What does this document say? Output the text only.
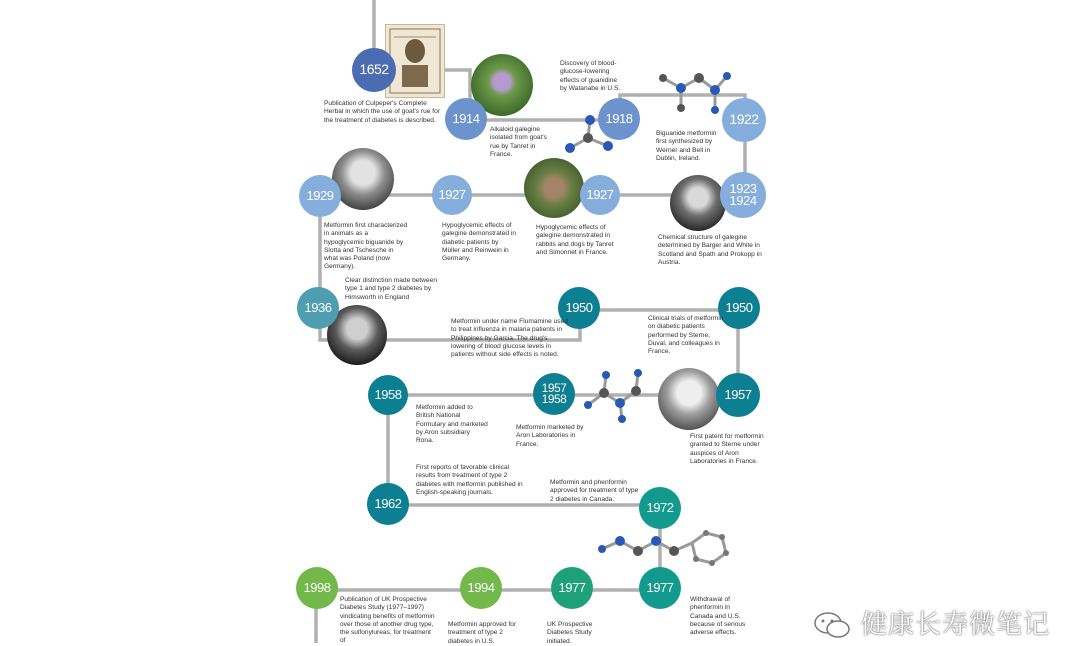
1652
1914	1918	1922
1923
1924
1927
1927
1929
1936	1950	1950
1957
1957
1958
1958
1962	1972
1977
1977
1994
1998
Publication of Culpeper's Complete Herbal in which the use of goat's rue for the treatment of diabetes is described.
Alkaloid galegine isolated from goat's rue by Tanret in France.
Discovery of blood-glucose-lowering effects of guanidine by Watanabe in U.S.
Biguanide metformin first synthesized by Werner and Bell in Dublin, Ireland.
Chemical structure of galegine determined by Barger and White in Scotland and Spath and Prokopp in Austria.
Hypoglycemic effects of galegine demonstrated in rabbits and dogs by Tanret and Simonnet in France.
Hypoglycemic effects of galegine demonstrated in diabetic patients by Müller and Reinwein in Germany.
Metformin first characterized in animals as a hypoglycemic biguanide by Slotta and Tschesche in what was Poland (now Germany).
Clear distinction made between type 1 and type 2 diabetes by Himsworth in England
Metformin under name Flumamine used to treat influenza in malaria patients in Philippines by Garcia. The drug's lowering of blood glucose levels in patients without side effects is noted.
Clinical trials of metformin on diabetic patients performed by Sterne, Duval, and colleagues in France.
First patent for metformin granted to Sterne under auspices of Aron Laboratories in France.
Metformin marketed by Aron Laboratories in France.
Metformin added to British National Formulary and marketed by Aron subsidiary Rona.
First reports of favorable clinical results from treatment of type 2 diabetes with metformin published in English-speaking journals.
Metformin and phenformin approved for treatment of type 2 diabetes in Canada.
Withdrawal of phenformin in Canada and U.S. because of serious adverse effects.
UK Prospective Diabetes Study initiated.
Metformin approved for treatment of type 2 diabetes in U.S.
Publication of UK Prospective Diabetes Study (1977–1997) vindicating benefits of metformin over those of another drug type, the sulfonylureas, for treatment of
健康长寿微笔记
